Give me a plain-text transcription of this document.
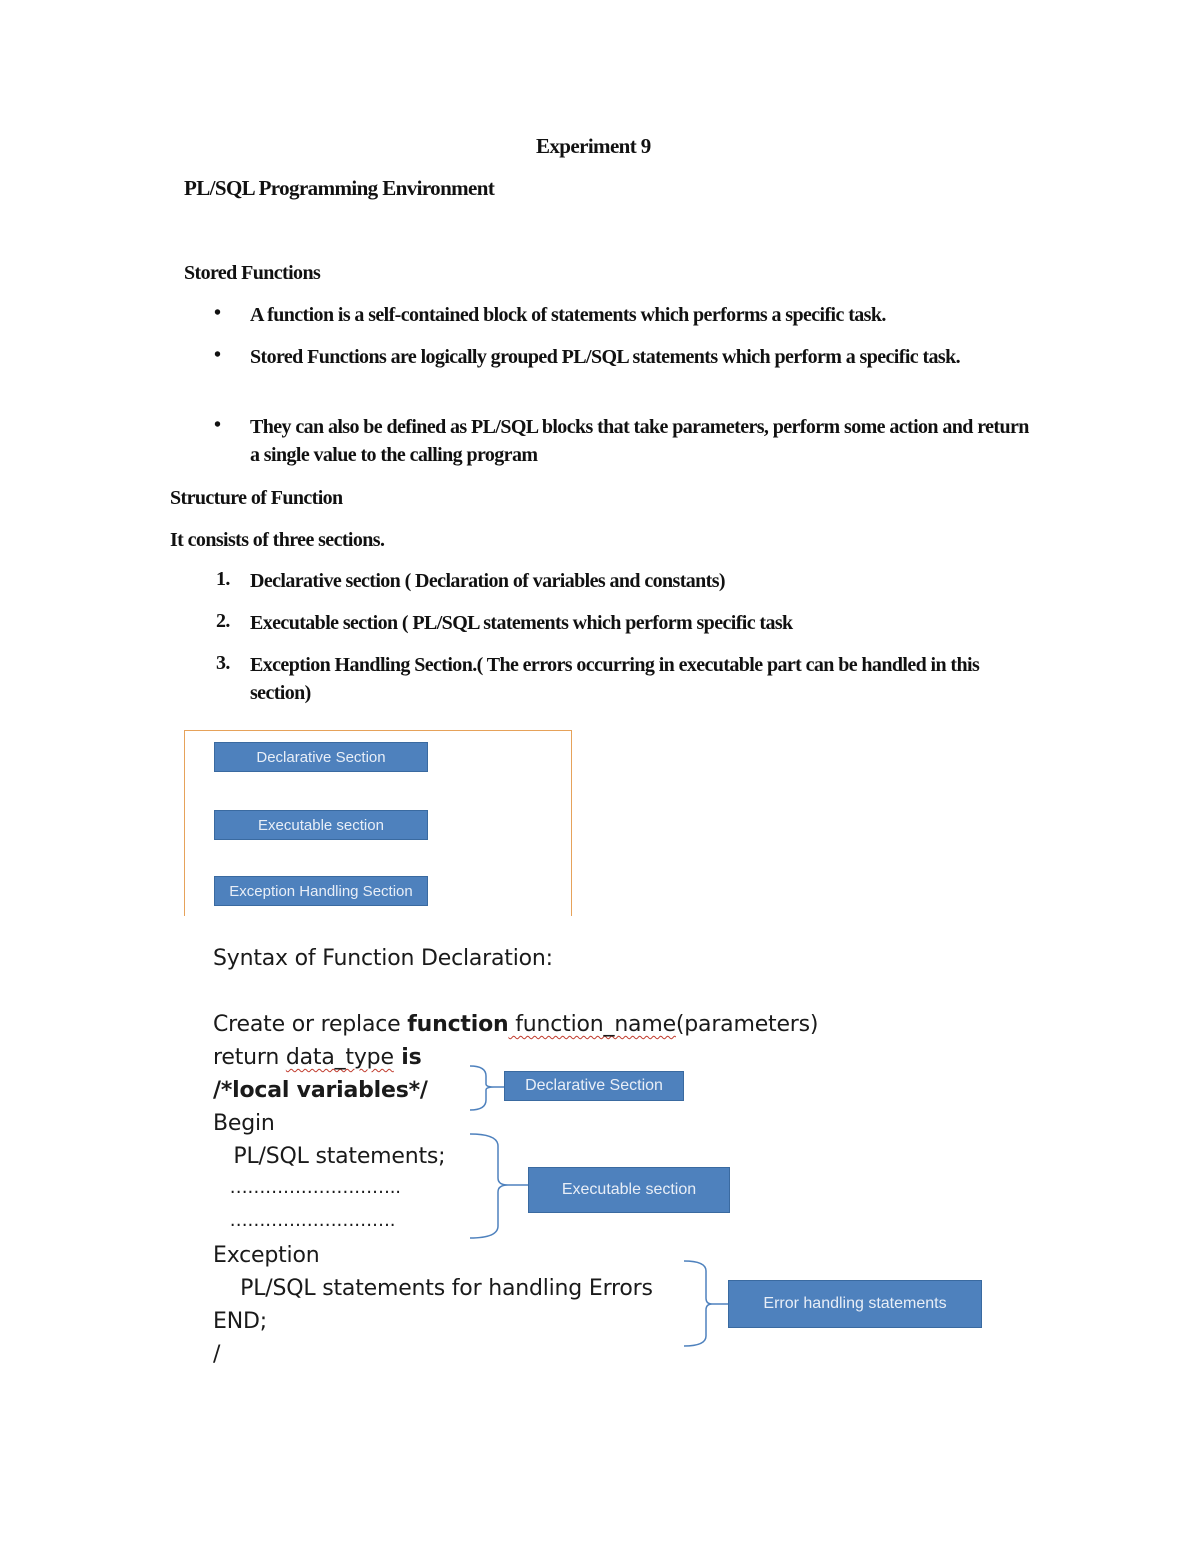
Experiment 9
PL/SQL Programming Environment
Stored Functions
• A function is a self-contained block of statements which performs a specific task.
• Stored Functions are logically grouped PL/SQL statements which perform a specific task.
• They can also be defined as PL/SQL blocks that take parameters, perform some action and return a single value to the calling program
Structure of Function
It consists of three sections.
1. Declarative section ( Declaration of variables and constants)
2. Executable section ( PL/SQL statements which perform specific task
3. Exception Handling Section.( The errors occurring in executable part can be handled in this section)
Declarative Section
Executable section
Exception Handling Section
Syntax of Function Declaration:
Create or replace function function_name(parameters)
return data_type is
/*local variables*/
Begin
PL/SQL statements;
………………………..
……………………….
Exception
PL/SQL statements for handling Errors
END;
/
Declarative Section
Executable section
Error handling statements
